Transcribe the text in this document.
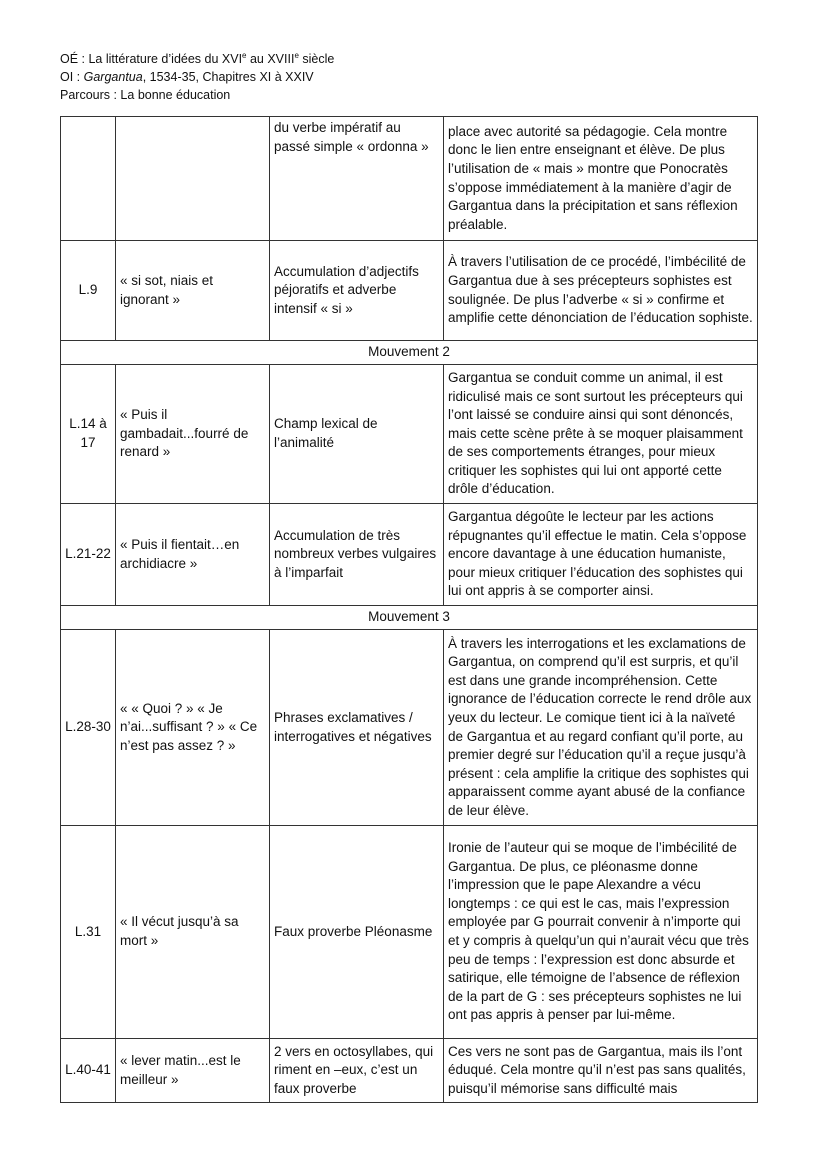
OÉ : La littérature d’idées du XVIe au XVIIIe siècle
OI : Gargantua, 1534-35, Chapitres XI à XXIV
Parcours : La bonne éducation
		du verbe impératif au passé simple « ordonna »	place avec autorité sa pédagogie. Cela montre donc le lien entre enseignant et élève. De plus l’utilisation de « mais » montre que Ponocratès s’oppose immédiatement à la manière d’agir de Gargantua dans la précipitation et sans réflexion préalable.
L.9	« si sot, niais et ignorant »	Accumulation d’adjectifs péjoratifs et adverbe intensif « si »	À travers l’utilisation de ce procédé, l’imbécilité de Gargantua due à ses précepteurs sophistes est soulignée. De plus l’adverbe « si » confirme et amplifie cette dénonciation de l’éducation sophiste.
Mouvement 2			
L.14 à 17	« Puis il gambadait...fourré de renard »	Champ lexical de l’animalité	Gargantua se conduit comme un animal, il est ridiculisé mais ce sont surtout les précepteurs qui l’ont laissé se conduire ainsi qui sont dénoncés, mais cette scène prête à se moquer plaisamment de ses comportements étranges, pour mieux critiquer les sophistes qui lui ont apporté cette drôle d’éducation.
L.21-22	« Puis il fientait…en archidiacre »	Accumulation de très nombreux verbes vulgaires à l’imparfait	Gargantua dégoûte le lecteur par les actions répugnantes qu’il effectue le matin. Cela s’oppose encore davantage à une éducation humaniste, pour mieux critiquer l’éducation des sophistes qui lui ont appris à se comporter ainsi.
Mouvement 3			
L.28-30	« « Quoi ? » « Je n’ai...suffisant ? » « Ce n’est pas assez ? »	Phrases exclamatives / interrogatives et négatives	À travers les interrogations et les exclamations de Gargantua, on comprend qu’il est surpris, et qu’il est dans une grande incompréhension. Cette ignorance de l’éducation correcte le rend drôle aux yeux du lecteur. Le comique tient ici à la naïveté de Gargantua et au regard confiant qu’il porte, au premier degré sur l’éducation qu’il a reçue jusqu’à présent : cela amplifie la critique des sophistes qui apparaissent comme ayant abusé de la confiance de leur élève.
L.31	« Il vécut jusqu’à sa mort »	Faux proverbe Pléonasme	Ironie de l’auteur qui se moque de l’imbécilité de Gargantua. De plus, ce pléonasme donne l’impression que le pape Alexandre a vécu longtemps : ce qui est le cas, mais l’expression employée par G pourrait convenir à n’importe qui et y compris à quelqu’un qui n’aurait vécu que très peu de temps : l’expression est donc absurde et satirique, elle témoigne de l’absence de réflexion de la part de G : ses précepteurs sophistes ne lui ont pas appris à penser par lui-même.
L.40-41	« lever matin...est le meilleur »	2 vers en octosyllabes, qui riment en –eux, c’est un faux proverbe	Ces vers ne sont pas de Gargantua, mais ils l’ont éduqué. Cela montre qu’il n’est pas sans qualités, puisqu’il mémorise sans difficulté mais
